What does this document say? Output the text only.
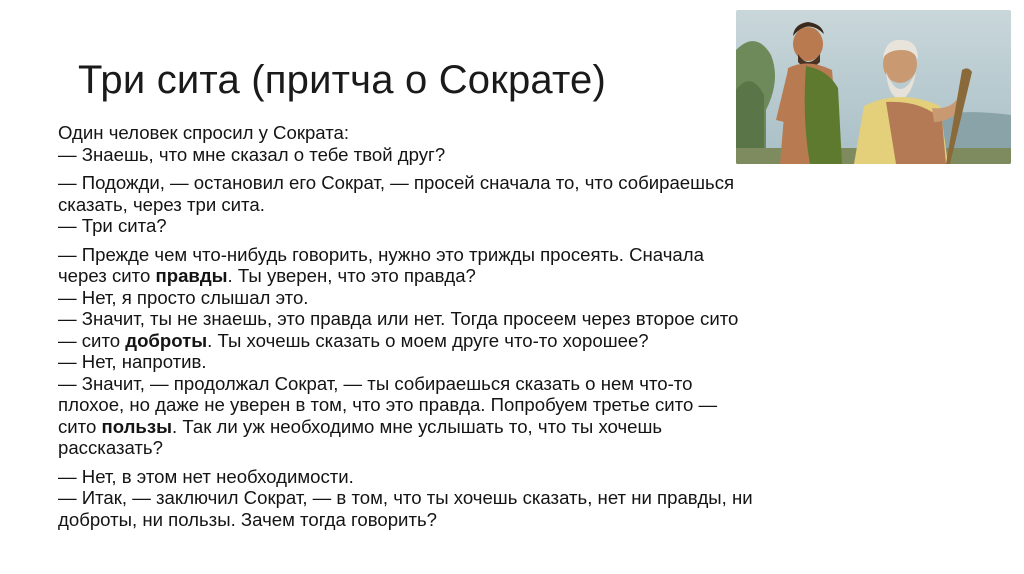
Три сита (притча о Сократе)

Один человек спросил у Сократа:
— Знаешь, что мне сказал о тебе твой друг?

— Подожди, — остановил его Сократ, — просей сначала то, что собираешься
сказать, через три сита.
— Три сита?

— Прежде чем что-нибудь говорить, нужно это трижды просеять. Сначала
через сито правды. Ты уверен, что это правда?
— Нет, я просто слышал это.
— Значит, ты не знаешь, это правда или нет. Тогда просеем через второе сито
— сито доброты. Ты хочешь сказать о моем друге что-то хорошее?
— Нет, напротив.
— Значит, — продолжал Сократ, — ты собираешься сказать о нем что-то
плохое, но даже не уверен в том, что это правда. Попробуем третье сито —
сито пользы. Так ли уж необходимо мне услышать то, что ты хочешь
рассказать?

— Нет, в этом нет необходимости.
— Итак, — заключил Сократ, — в том, что ты хочешь сказать, нет ни правды, ни
доброты, ни пользы. Зачем тогда говорить?
